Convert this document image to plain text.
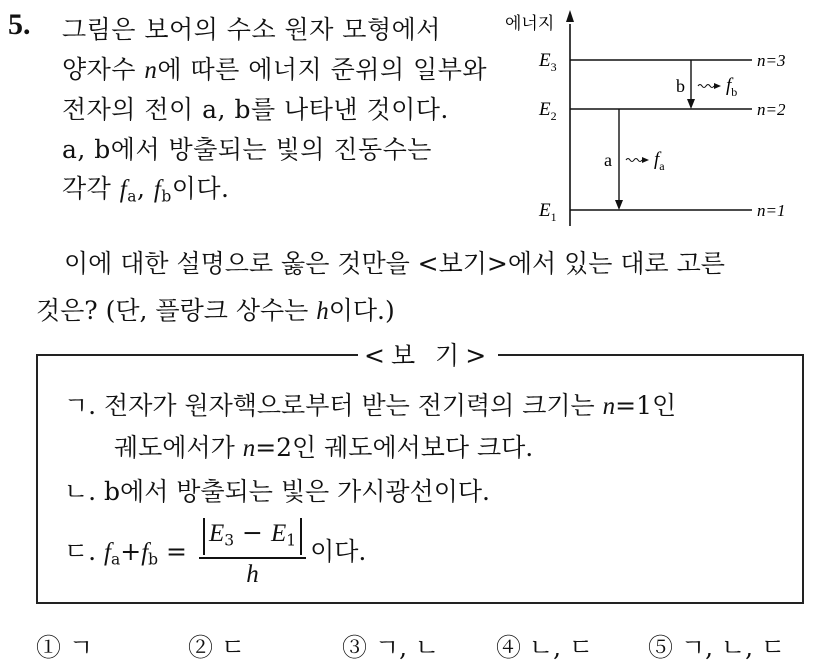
5. 그림은 보어의 수소 원자 모형에서
양자수 n에 따른 에너지 준위의 일부와
전자의 전이 a, b를 나타낸 것이다.
a, b에서 방출되는 빛의 진동수는
각각 $f_a$, $f_b$이다.
에너지
$E_3$
$E_2$
$E_1$
n=3
n=2
n=1
b $f_b$
a $f_a$
이에 대한 설명으로 옳은 것만을 <보기>에서 있는 대로 고른
것은? (단, 플랑크 상수는 h이다.)
<보 기>
ㄱ. 전자가 원자핵으로부터 받는 전기력의 크기는 n=1인
궤도에서가 n=2인 궤도에서보다 크다.
ㄴ. b에서 방출되는 빛은 가시광선이다.
ㄷ. $f_a+f_b = \frac{E_3 - E_1}{h}$ 이다.
① ㄱ	② ㄷ	③ ㄱ, ㄴ ④ ㄴ, ㄷ ⑤ ㄱ, ㄴ, ㄷ
